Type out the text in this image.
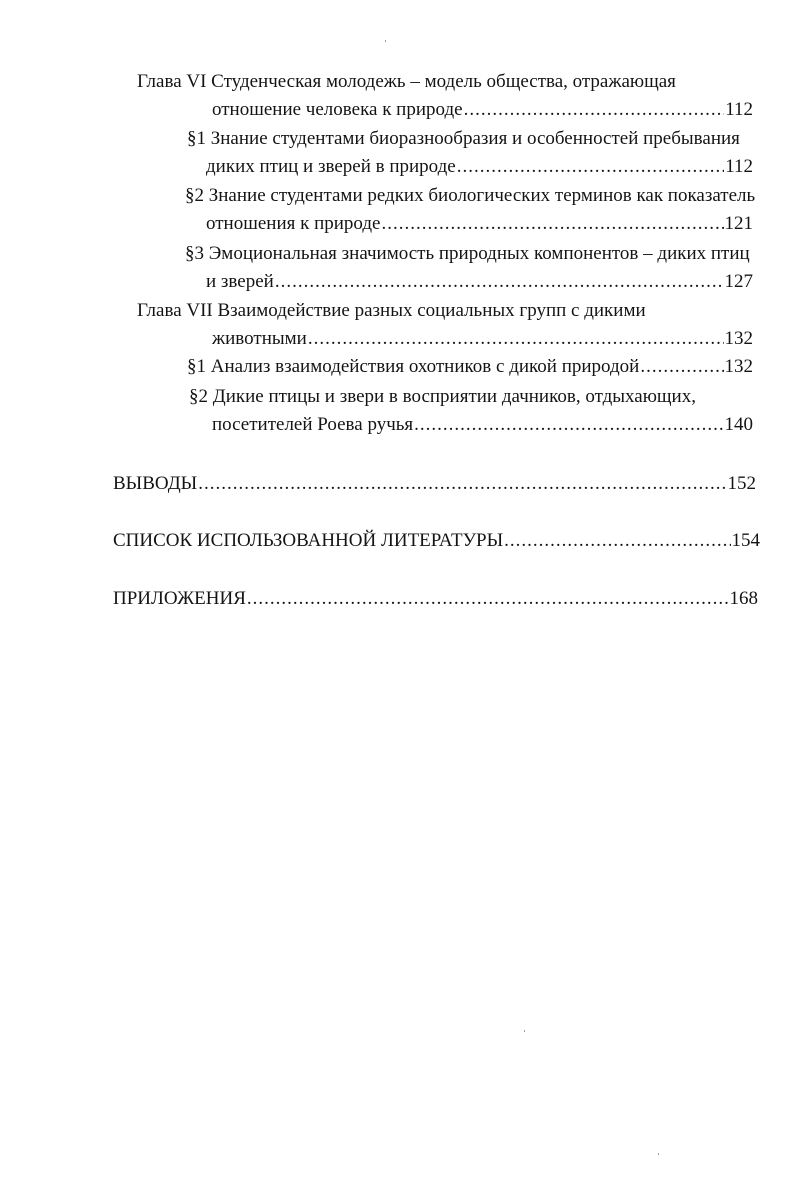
Глава VI Студенческая молодежь – модель общества, отражающая
отношение человека к природе .....	112
§1 Знание студентами биоразнообразия и особенностей пребывания
диких птиц и зверей в природе .....	112
§2 Знание студентами редких биологических терминов как показатель
отношения к природе .....	121
§3 Эмоциональная значимость природных компонентов – диких птиц
и зверей .....	127
Глава VII Взаимодействие разных социальных групп с дикими
животными .....	132
§1 Анализ взаимодействия охотников с дикой природой .....	132
§2 Дикие птицы и звери в восприятии дачников, отдыхающих,
посетителей Роева ручья .....	140
ВЫВОДЫ .....	152
СПИСОК ИСПОЛЬЗОВАННОЙ ЛИТЕРАТУРЫ .....	154
ПРИЛОЖЕНИЯ .....	168
